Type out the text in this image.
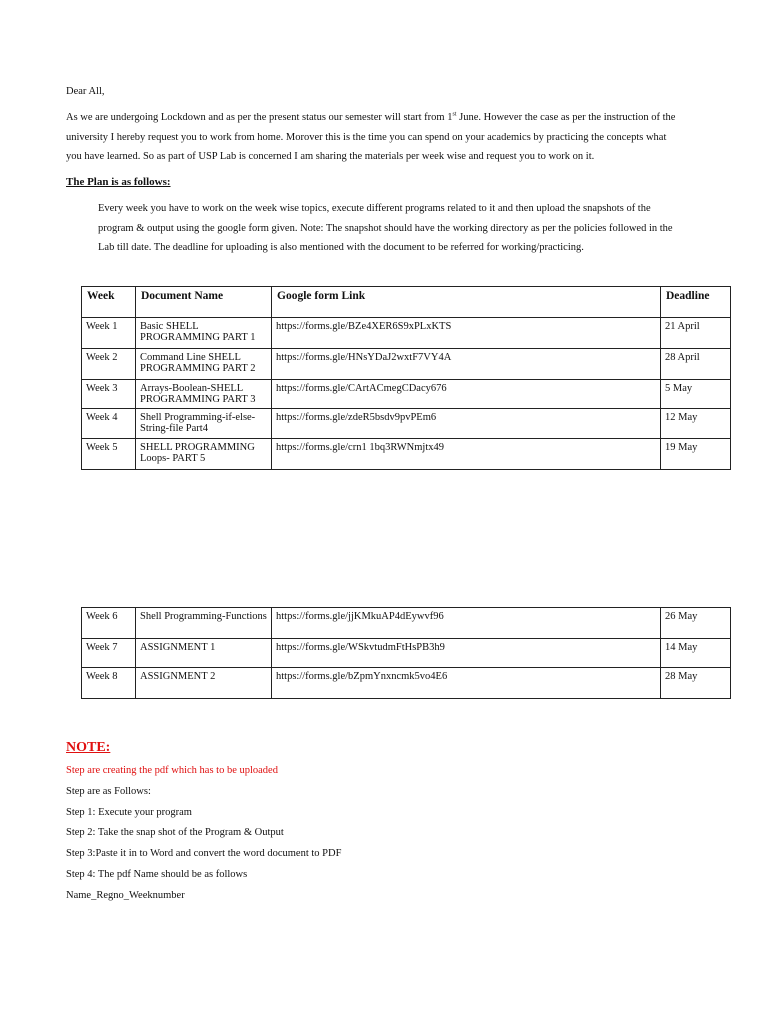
Dear All,

As we are undergoing Lockdown and as per the present status our semester will start from 1st June. However the case as per the instruction of the

university I hereby request you to work from home. Morover this is the time you can spend on your academics by practicing the concepts what

you have learned. So as part of USP Lab is concerned I am sharing the materials per week wise and request you to work on it.

The Plan is as follows:

Every week you have to work on the week wise topics, execute different programs related to it and then upload the snapshots of the

program & output using the google form given. Note: The snapshot should have the working directory as per the policies followed in the

Lab till date. The deadline for uploading is also mentioned with the document to be referred for working/practicing.

Week	Document Name	Google form Link	Deadline
Week 1	Basic SHELL PROGRAMMING PART 1	https://forms.gle/BZe4XER6S9xPLxKTS	21 April
Week 2	Command Line SHELL PROGRAMMING PART 2	https://forms.gle/HNsYDaJ2wxtF7VY4A	28 April
Week 3	Arrays-Boolean-SHELL PROGRAMMING PART 3	https://forms.gle/CArtACmegCDacy676	5 May
Week 4	Shell Programming-if-else-String-file Part4	https://forms.gle/zdeR5bsdv9pvPEm6	12 May
Week 5	SHELL PROGRAMMING Loops- PART 5	https://forms.gle/crn1 1bq3RWNmjtx49	19 May
Week 6	Shell Programming-Functions	https://forms.gle/jjKMkuAP4dEywvf96	26 May
Week 7	ASSIGNMENT 1	https://forms.gle/WSkvtudmFtHsPB3h9	14 May
Week 8	ASSIGNMENT 2	https://forms.gle/bZpmYnxncmk5vo4E6	28 May
NOTE:
Step are creating the pdf which has to be uploaded

Step are as Follows:

Step 1: Execute your program

Step 2: Take the snap shot of the Program & Output

Step 3:Paste it in to Word and convert the word document to PDF

Step 4: The pdf Name should be as follows

Name_Regno_Weeknumber
